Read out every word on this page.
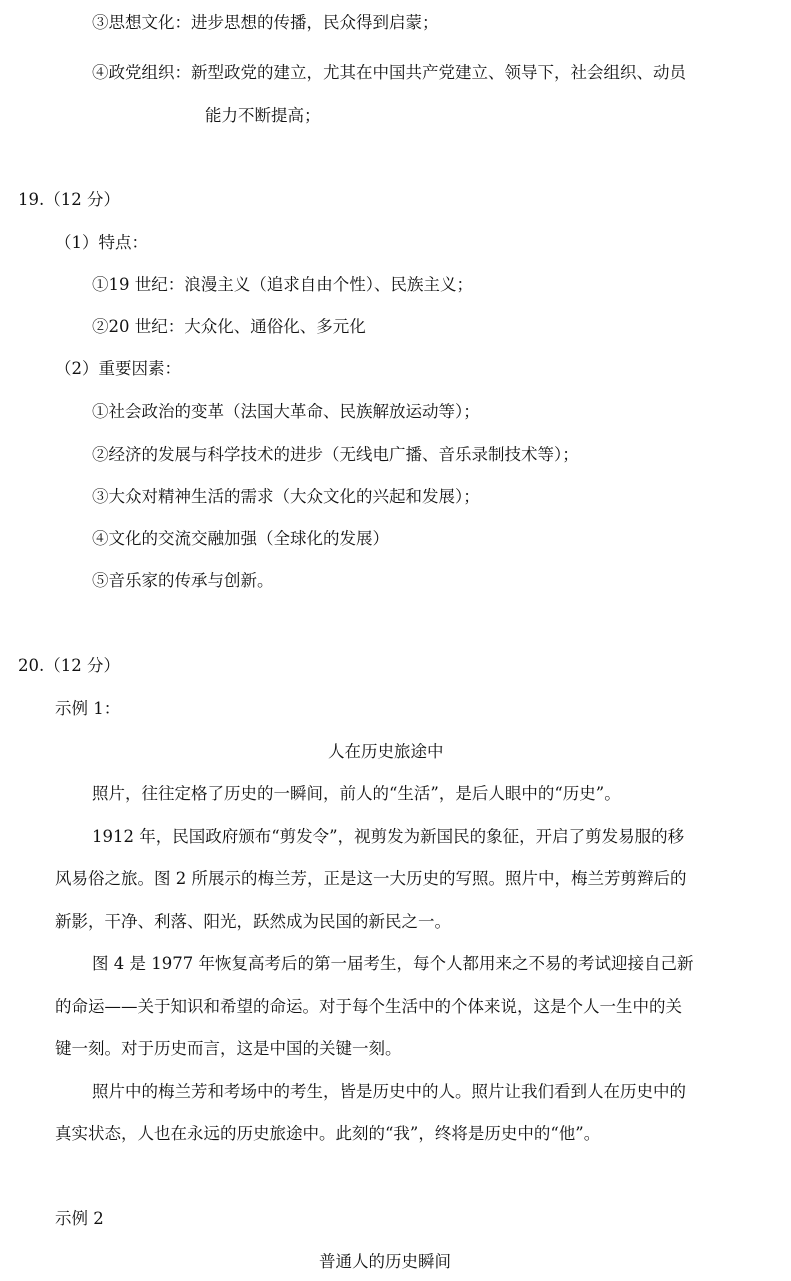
③思想文化：进步思想的传播，民众得到启蒙；
④政党组织：新型政党的建立，尤其在中国共产党建立、领导下，社会组织、动员
能力不断提高；
19.（12 分）
（1）特点：
①19 世纪：浪漫主义（追求自由个性）、民族主义；
②20 世纪：大众化、通俗化、多元化
（2）重要因素：
①社会政治的变革（法国大革命、民族解放运动等）；
②经济的发展与科学技术的进步（无线电广播、音乐录制技术等）；
③大众对精神生活的需求（大众文化的兴起和发展）；
④文化的交流交融加强（全球化的发展）
⑤音乐家的传承与创新。
20.（12 分）
示例 1：
人在历史旅途中
照片，往往定格了历史的一瞬间，前人的“生活”，是后人眼中的“历史”。
1912 年，民国政府颁布“剪发令”，视剪发为新国民的象征，开启了剪发易服的移
风易俗之旅。图 2 所展示的梅兰芳，正是这一大历史的写照。照片中，梅兰芳剪辫后的
新影，干净、利落、阳光，跃然成为民国的新民之一。
图 4 是 1977 年恢复高考后的第一届考生，每个人都用来之不易的考试迎接自己新
的命运——关于知识和希望的命运。对于每个生活中的个体来说，这是个人一生中的关
键一刻。对于历史而言，这是中国的关键一刻。
照片中的梅兰芳和考场中的考生，皆是历史中的人。照片让我们看到人在历史中的
真实状态，人也在永远的历史旅途中。此刻的“我”，终将是历史中的“他”。
示例 2
普通人的历史瞬间
